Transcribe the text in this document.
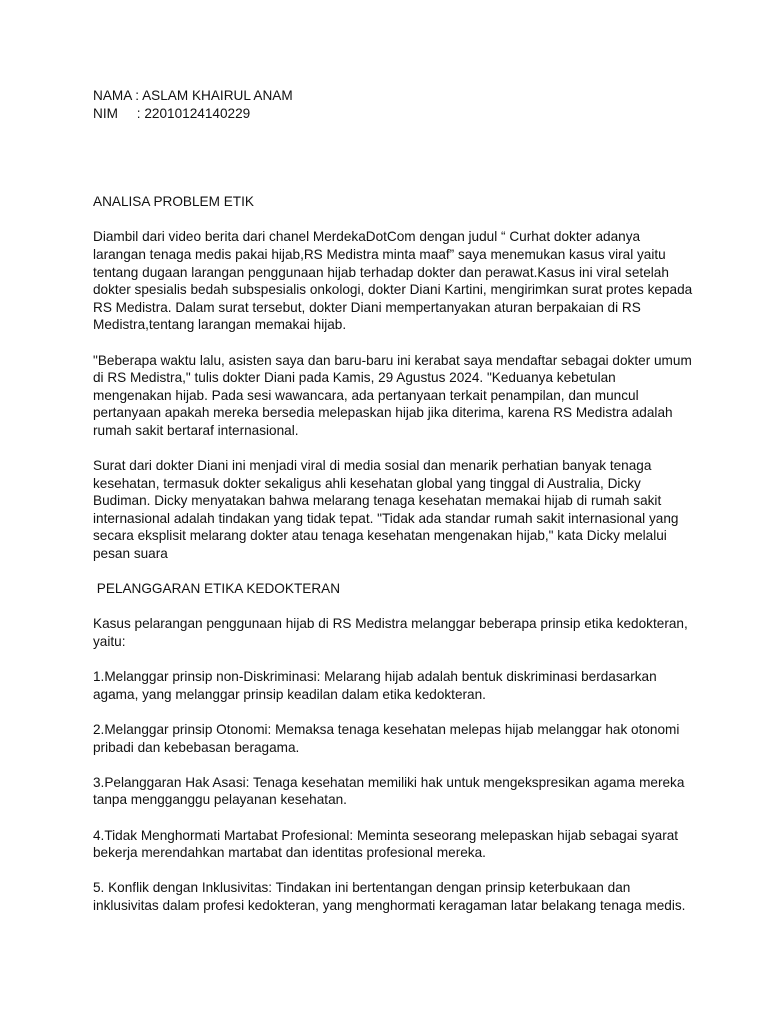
NAMA : ASLAM KHAIRUL ANAM
NIM     : 22010124140229
ANALISA PROBLEM ETIK

Diambil dari video berita dari chanel MerdekaDotCom dengan judul “ Curhat dokter adanya larangan tenaga medis pakai hijab,RS Medistra minta maaf” saya menemukan kasus viral yaitu tentang dugaan larangan penggunaan hijab terhadap dokter dan perawat.Kasus ini viral setelah dokter spesialis bedah subspesialis onkologi, dokter Diani Kartini, mengirimkan surat protes kepada RS Medistra. Dalam surat tersebut, dokter Diani mempertanyakan aturan berpakaian di RS Medistra,tentang larangan memakai hijab.

"Beberapa waktu lalu, asisten saya dan baru-baru ini kerabat saya mendaftar sebagai dokter umum di RS Medistra," tulis dokter Diani pada Kamis, 29 Agustus 2024. "Keduanya kebetulan mengenakan hijab. Pada sesi wawancara, ada pertanyaan terkait penampilan, dan muncul pertanyaan apakah mereka bersedia melepaskan hijab jika diterima, karena RS Medistra adalah rumah sakit bertaraf internasional.

Surat dari dokter Diani ini menjadi viral di media sosial dan menarik perhatian banyak tenaga kesehatan, termasuk dokter sekaligus ahli kesehatan global yang tinggal di Australia, Dicky Budiman. Dicky menyatakan bahwa melarang tenaga kesehatan memakai hijab di rumah sakit internasional adalah tindakan yang tidak tepat. "Tidak ada standar rumah sakit internasional yang secara eksplisit melarang dokter atau tenaga kesehatan mengenakan hijab," kata Dicky melalui pesan suara

PELANGGARAN ETIKA KEDOKTERAN

Kasus pelarangan penggunaan hijab di RS Medistra melanggar beberapa prinsip etika kedokteran, yaitu:

1.Melanggar prinsip non-Diskriminasi: Melarang hijab adalah bentuk diskriminasi berdasarkan agama, yang melanggar prinsip keadilan dalam etika kedokteran.

2.Melanggar prinsip Otonomi: Memaksa tenaga kesehatan melepas hijab melanggar hak otonomi pribadi dan kebebasan beragama.

3.Pelanggaran Hak Asasi: Tenaga kesehatan memiliki hak untuk mengekspresikan agama mereka tanpa mengganggu pelayanan kesehatan.

4.Tidak Menghormati Martabat Profesional: Meminta seseorang melepaskan hijab sebagai syarat bekerja merendahkan martabat dan identitas profesional mereka.

5. Konflik dengan Inklusivitas: Tindakan ini bertentangan dengan prinsip keterbukaan dan inklusivitas dalam profesi kedokteran, yang menghormati keragaman latar belakang tenaga medis.
